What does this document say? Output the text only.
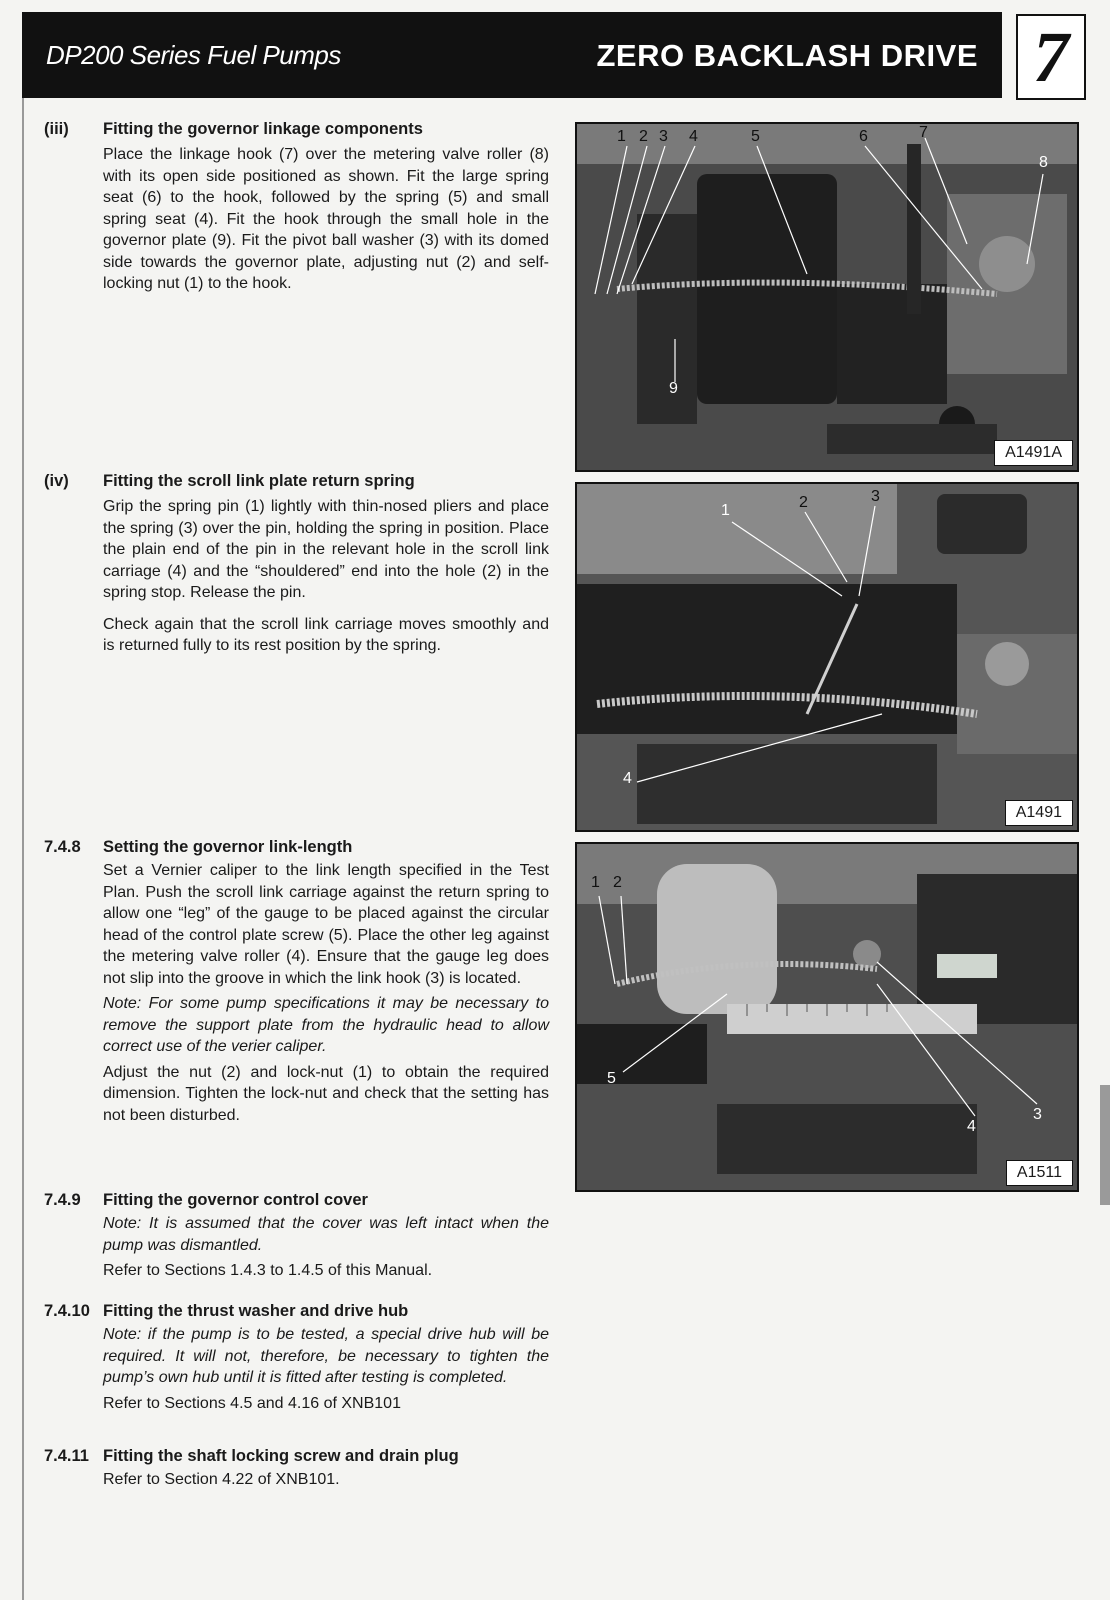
DP200 Series Fuel Pumps	ZERO BACKLASH DRIVE 7
(iii) Fitting the governor linkage components

Place the linkage hook (7) over the metering valve roller (8) with its open side positioned as shown. Fit the large spring seat (6) to the hook, followed by the spring (5) and small spring seat (4). Fit the hook through the small hole in the governor plate (9). Fit the pivot ball washer (3) with its domed side towards the governor plate, adjusting nut (2) and self-locking nut (1) to the hook.

(iv) Fitting the scroll link plate return spring

Grip the spring pin (1) lightly with thin-nosed pliers and place the spring (3) over the pin, holding the spring in position. Place the plain end of the pin in the relevant hole in the scroll link carriage (4) and the “shouldered” end into the hole (2) in the spring stop. Release the pin.

Check again that the scroll link carriage moves smoothly and is returned fully to its rest position by the spring.

7.4.8 Setting the governor link-length

Set a Vernier caliper to the link length specified in the Test Plan. Push the scroll link carriage against the return spring to allow one “leg” of the gauge to be placed against the circular head of the control plate screw (5). Place the other leg against the metering valve roller (4). Ensure that the gauge leg does not slip into the groove in which the link hook (3) is located.

Note: For some pump specifications it may be necessary to remove the support plate from the hydraulic head to allow correct use of the verier caliper.

Adjust the nut (2) and lock-nut (1) to obtain the required dimension. Tighten the lock-nut and check that the setting has not been disturbed.

7.4.9 Fitting the governor control cover

Note: It is assumed that the cover was left intact when the pump was dismantled.

Refer to Sections 1.4.3 to 1.4.5 of this Manual.

7.4.10 Fitting the thrust washer and drive hub

Note: if the pump is to be tested, a special drive hub will be required. It will not, therefore, be necessary to tighten the pump’s own hub until it is fitted after testing is completed.

Refer to Sections 4.5 and 4.16 of XNB101

7.4.11 Fitting the shaft locking screw and drain plug

Refer to Section 4.22 of XNB101.

1 2 3 4	5	6	7
8
9
A1491A
1	2	3
4
A1491
1 2
5
4
3
A1511
